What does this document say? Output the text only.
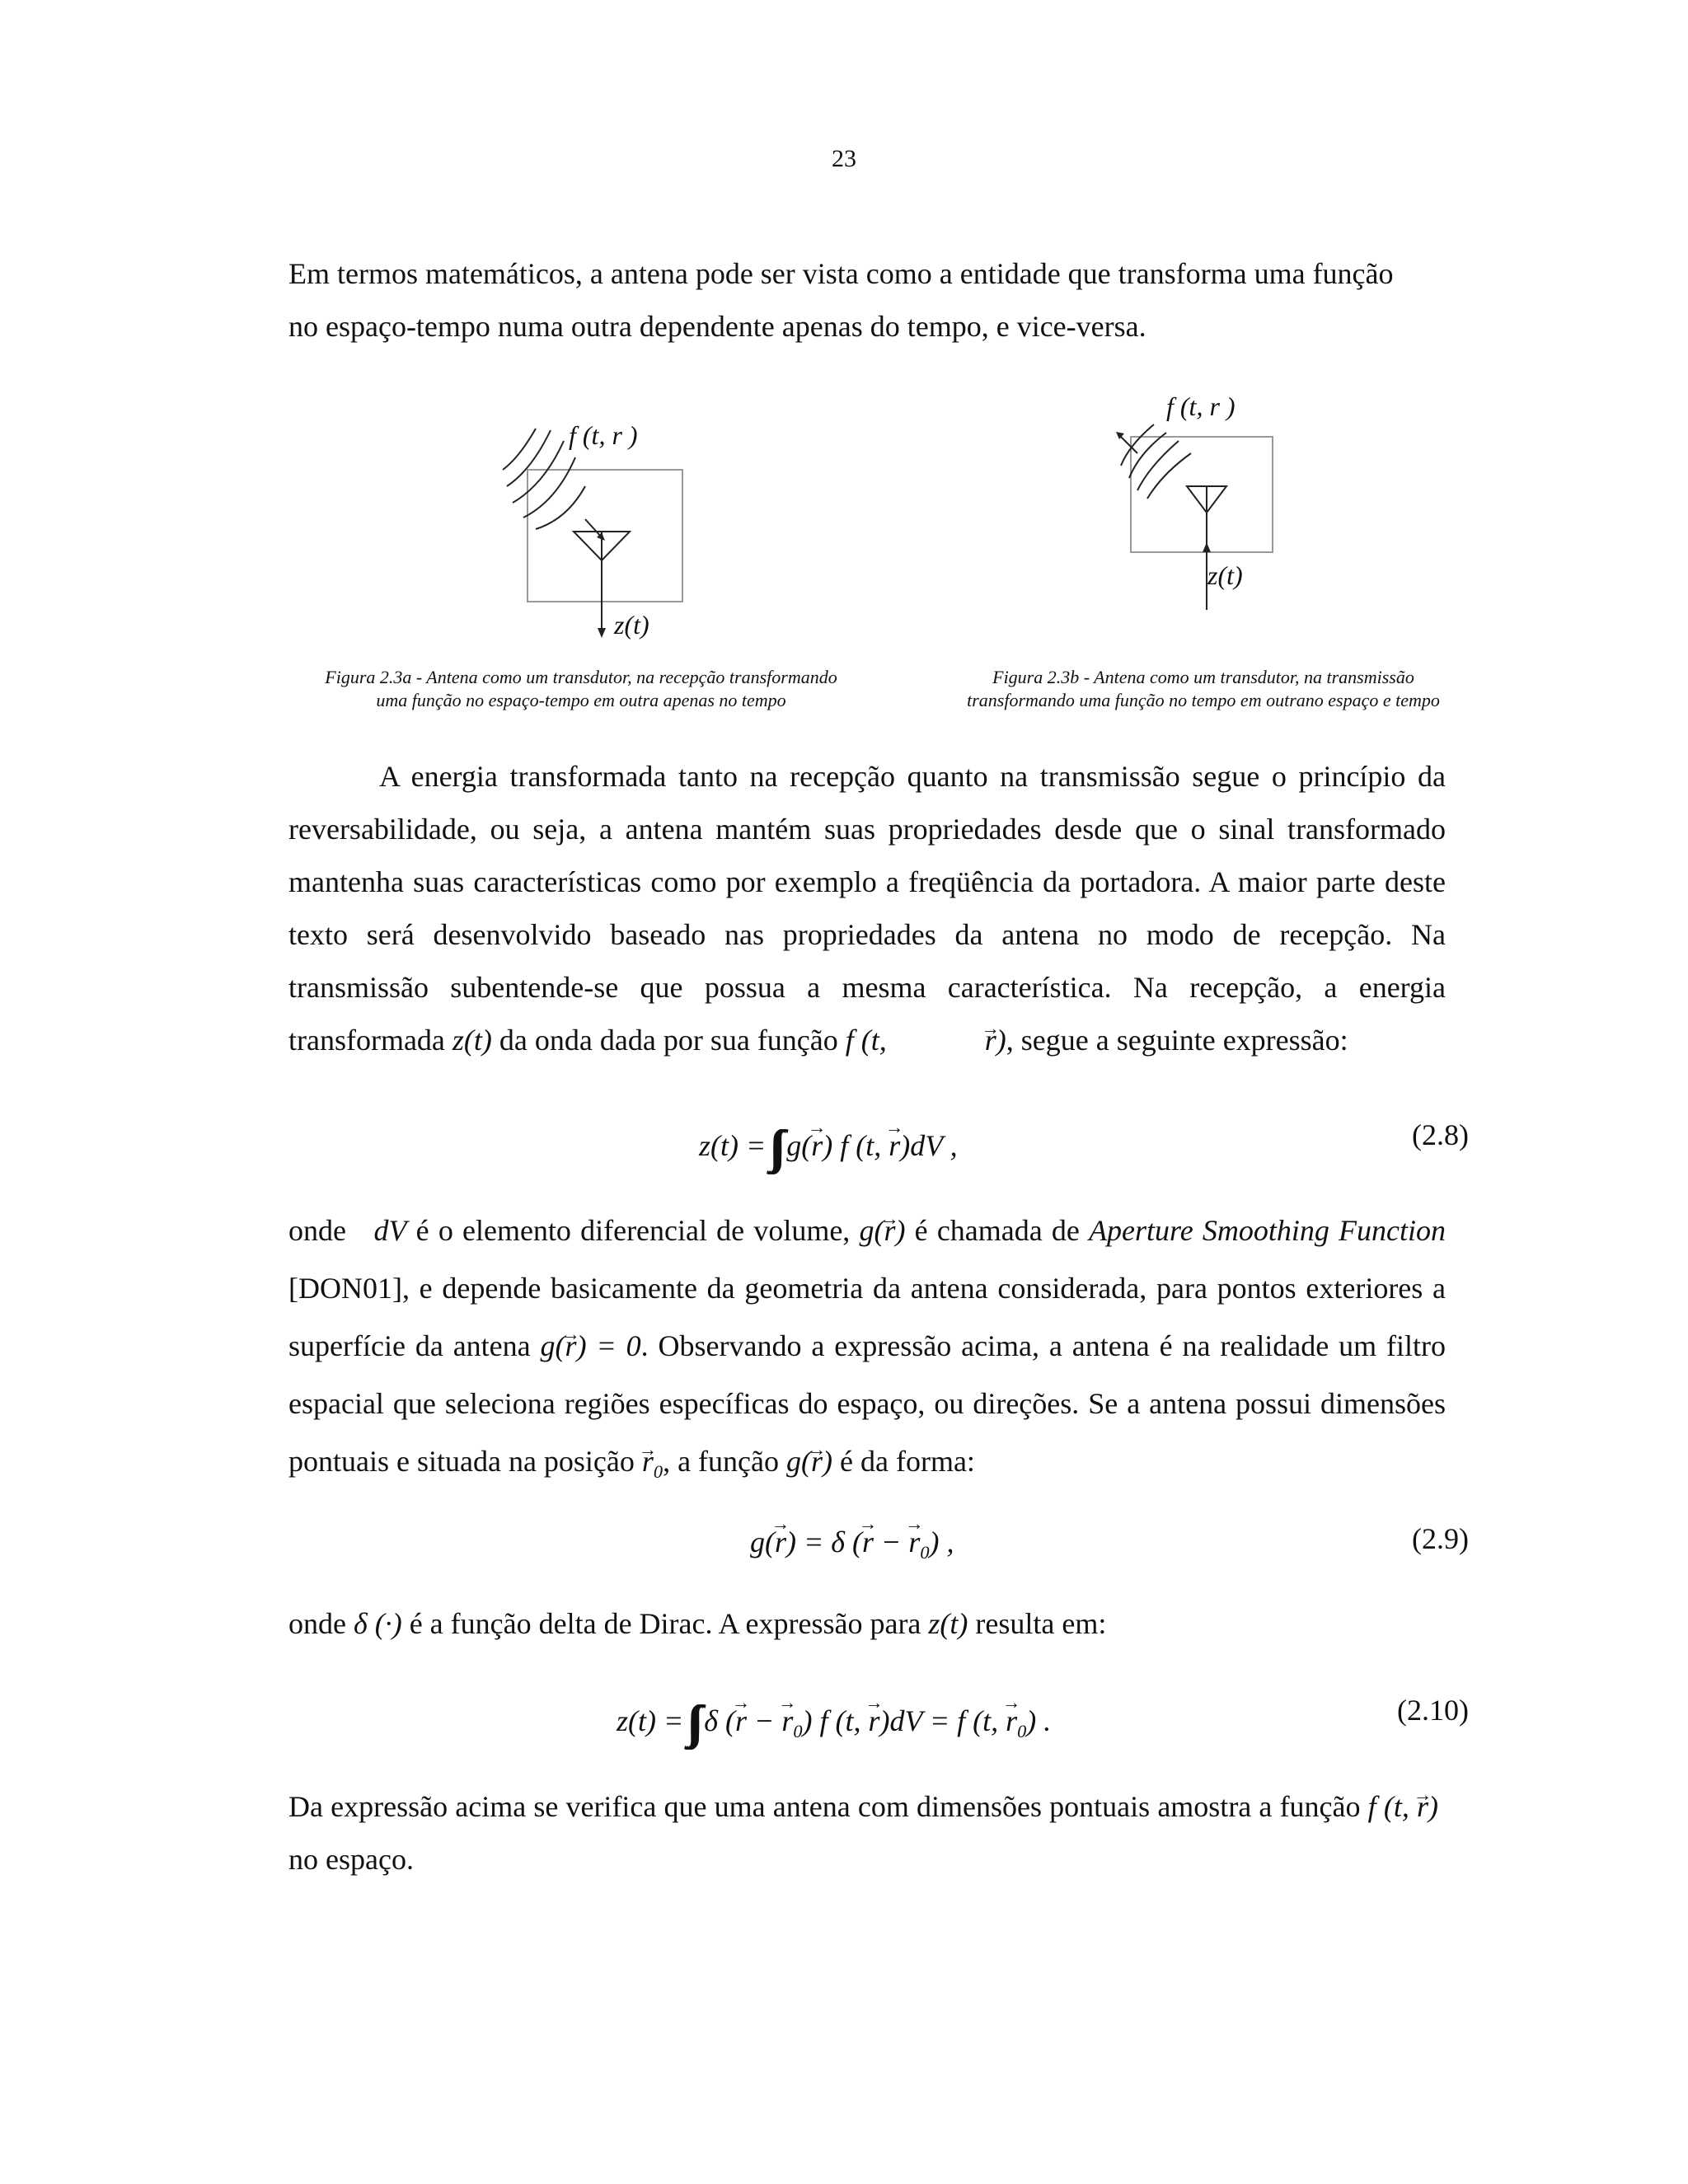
23

Em termos matemáticos, a antena pode ser vista como a entidade que transforma uma função
no espaço-tempo numa outra dependente apenas do tempo, e vice-versa.

f (t, r )
z(t)
Figura 2.3a - Antena como um transdutor, na recepção transformando
uma função no espaço-tempo em outra apenas no tempo
f (t, r )
z(t)
Figura 2.3b - Antena como um transdutor, na transmissão
transformando uma função no tempo em outrano espaço e tempo

A energia transformada tanto na recepção quanto na transmissão segue o princípio da reversabilidade, ou seja, a antena mantém suas propriedades desde que o sinal transformado mantenha suas características como por exemplo a freqüência da portadora. A maior parte deste texto será desenvolvido baseado nas propriedades da antena no modo de recepção. Na transmissão subentende-se que possua a mesma característica. Na recepção, a energia transformada z(t) da onda dada por sua função f (t,	→ r), segue a seguinte expressão:

z(t) = g(→ r) f (t, → r)dV ,	(2.8)

onde dV é o elemento diferencial de volume, g(→ r) é chamada de Aperture Smoothing Function [DON01], e depende basicamente da geometria da antena considerada, para pontos exteriores a superfície da antena g(→ r) = 0. Observando a expressão acima, a antena é na realidade um filtro espacial que seleciona regiões específicas do espaço, ou direções. Se a antena possui dimensões pontuais e situada na posição → $r_0$, a função g(→ r) é da forma:

g(→ r) = δ (→ r − → $r_0$) ,	(2.9)

onde δ (·) é a função delta de Dirac. A expressão para z(t) resulta em:

z(t) = δ (→ r − → $r_0$) f (t, → r)dV = f (t, → $r_0$) .	(2.10)

Da expressão acima se verifica que uma antena com dimensões pontuais amostra a função f (t, → r)  no espaço.
